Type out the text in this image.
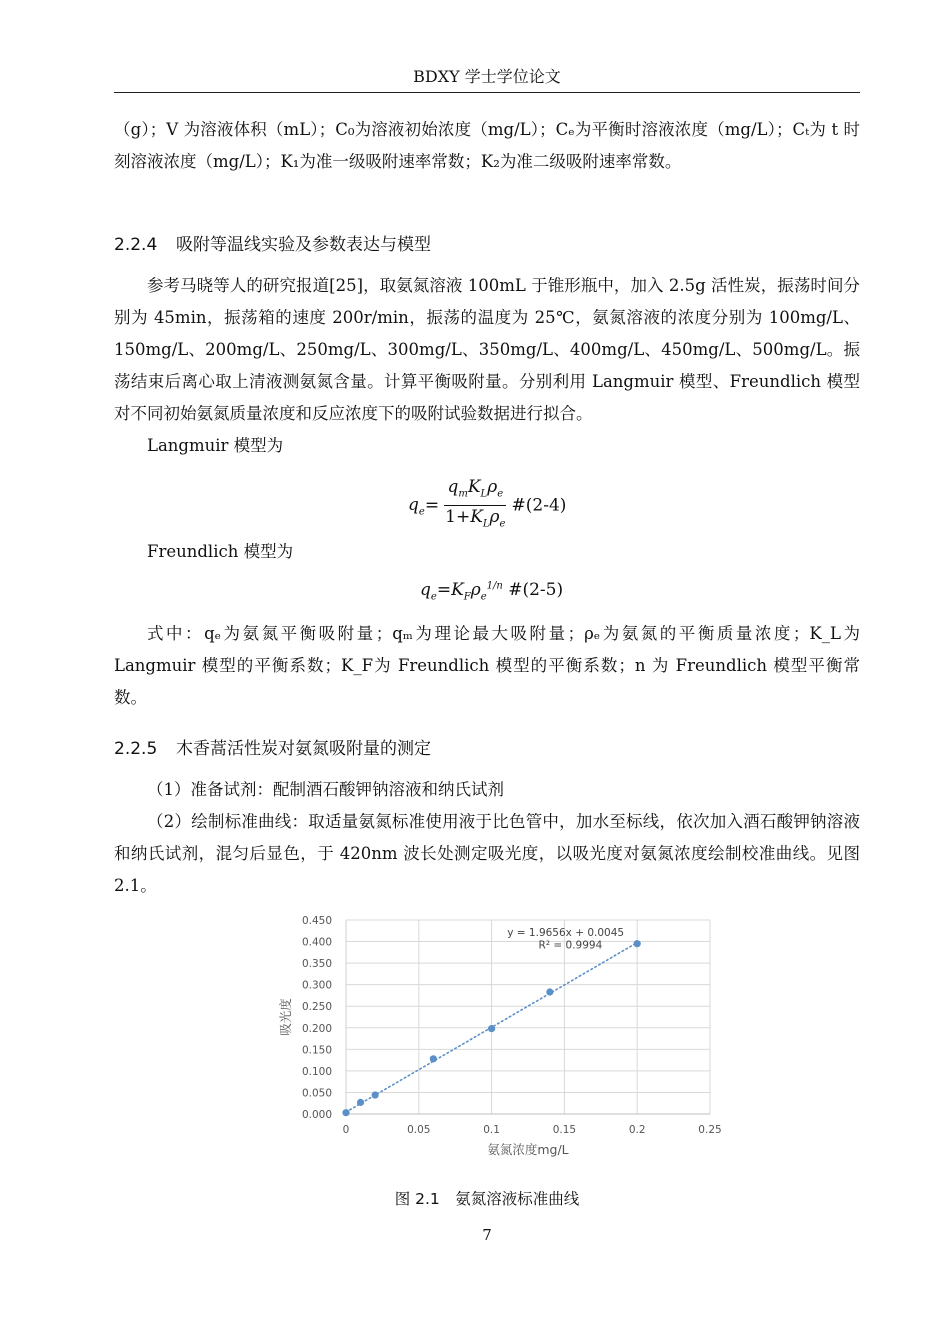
BDXY 学士学位论文
（g）；V 为溶液体积（mL）；C₀为溶液初始浓度（mg/L）；Cₑ为平衡时溶液浓度（mg/L）；Cₜ为 t 时刻溶液浓度（mg/L）；K₁为准一级吸附速率常数；K₂为准二级吸附速率常数。
2.2.4 吸附等温线实验及参数表达与模型
参考马晓等人的研究报道[25]，取氨氮溶液 100mL 于锥形瓶中，加入 2.5g 活性炭，振荡时间分别为 45min，振荡箱的速度 200r/min，振荡的温度为 25℃，氨氮溶液的浓度分别为 100mg/L、150mg/L、200mg/L、250mg/L、300mg/L、350mg/L、400mg/L、450mg/L、500mg/L。振荡结束后离心取上清液测氨氮含量。计算平衡吸附量。分别利用 Langmuir 模型、Freundlich 模型对不同初始氨氮质量浓度和反应浓度下的吸附试验数据进行拟合。
Langmuir 模型为
$q_e= \frac{q_mK_L\rho_e}{1+K_L\rho_e}$ #(2-4)
Freundlich 模型为
$q_e=K_F\rho_e^{1/n}$ #(2-5)
式中：qₑ为氨氮平衡吸附量；qₘ为理论最大吸附量；ρₑ为氨氮的平衡质量浓度；K_L为 Langmuir 模型的平衡系数；K_F为 Freundlich 模型的平衡系数；n 为 Freundlich 模型平衡常数。
2.2.5 木香蒿活性炭对氨氮吸附量的测定
（1）准备试剂：配制酒石酸钾钠溶液和纳氏试剂
（2）绘制标准曲线：取适量氨氮标准使用液于比色管中，加水至标线，依次加入酒石酸钾钠溶液和纳氏试剂，混匀后显色，于 420nm 波长处测定吸光度，以吸光度对氨氮浓度绘制校准曲线。见图2.1。
0.000
0.050
0.100
0.150
0.200
0.250
0.300
0.350
0.400
0.450
0	0.05	0.1	0.15	0.2	0.25
y = 1.9656x + 0.0045
R² = 0.9994
氨氮浓度mg/L
吸光度
图 2.1　氨氮溶液标准曲线
7
